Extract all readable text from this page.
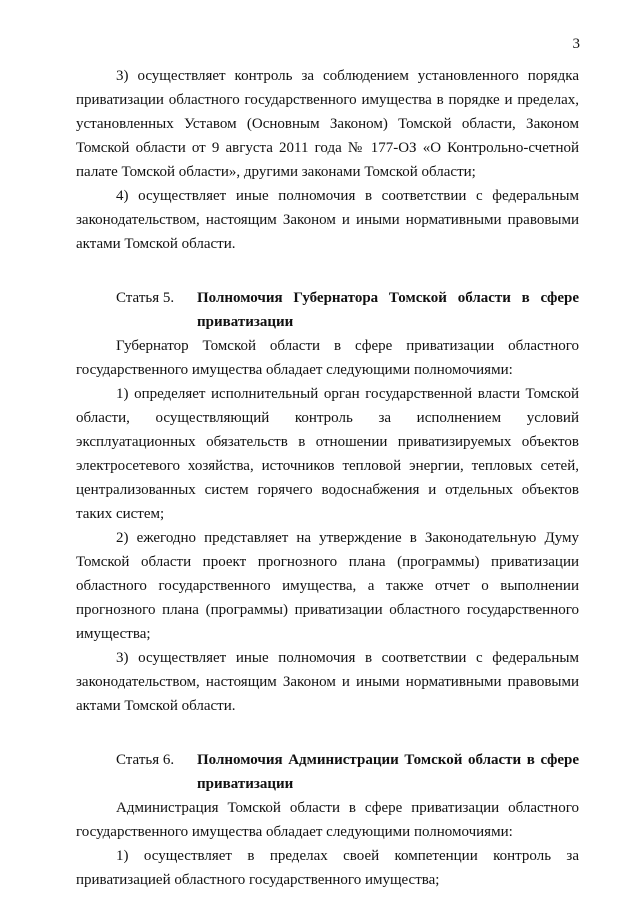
3

3) осуществляет контроль за соблюдением установленного порядка приватизации областного государственного имущества в порядке и пределах, установленных Уставом (Основным Законом) Томской области, Законом Томской области от 9 августа 2011 года № 177-ОЗ «О Контрольно-счетной палате Томской области», другими законами Томской области;

4) осуществляет иные полномочия в соответствии с федеральным законодательством, настоящим Законом и иными нормативными правовыми актами Томской области.

Статья 5.	Полномочия Губернатора Томской области в сфере приватизации

Губернатор Томской области в сфере приватизации областного государственного имущества обладает следующими полномочиями:

1) определяет исполнительный орган государственной власти Томской области, осуществляющий контроль за исполнением условий эксплуатационных обязательств в отношении приватизируемых объектов электросетевого хозяйства, источников тепловой энергии, тепловых сетей, централизованных систем горячего водоснабжения и отдельных объектов таких систем;

2) ежегодно представляет на утверждение в Законодательную Думу Томской области проект прогнозного плана (программы) приватизации областного государственного имущества, а также отчет о выполнении прогнозного плана (программы) приватизации областного государственного имущества;

3) осуществляет иные полномочия в соответствии с федеральным законодательством, настоящим Законом и иными нормативными правовыми актами Томской области.

Статья 6.	Полномочия Администрации Томской области в сфере приватизации

Администрация Томской области в сфере приватизации областного государственного имущества обладает следующими полномочиями:

1) осуществляет в пределах своей компетенции контроль за приватизацией областного государственного имущества;
